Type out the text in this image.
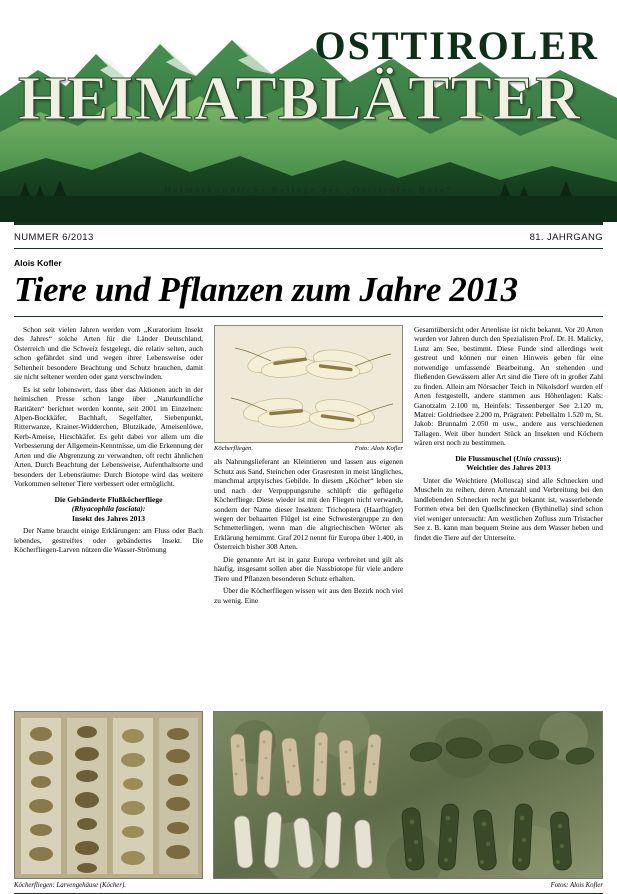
OSTTIROLER
HEIMATBLÄTTER
Heimatkundliche Beilage des „Osttiroler Bote“
NUMMER 6/2013	81. JAHRGANG
Alois Kofler
Tiere und Pflanzen zum Jahre 2013

Schon seit vielen Jahren werden vom „Kuratorium Insekt des Jahres“ solche Arten für die Länder Deutschland, Österreich und die Schweiz festgelegt, die relativ selten, auch schon gefährdet sind und wegen ihrer Lebensweise oder Seltenheit besondere Beachtung und Schutz brauchen, damit sie nicht seltener werden oder ganz verschwinden.

Es ist sehr lohenswert, dass über das Aktionen auch in der heimischen Presse schon lange über „Naturkundliche Raritäten“ berichtet werden konnte, seit 2001 im Einzelnen: Alpen-Bockkäfer, Bachhaft, Segelfalter, Siebenpunkt, Ritterwanze, Krainer-Widderchen, Blutzikade, Ameisenlöwe, Kerb-Ameise, Hirschkäfer. Es geht dabei vor allem um die Verbesserung der Allgemein-Kenntnisse, um die Erkennung der Arten und die Abgrenzung zu verwandten, oft recht ähnlichen Arten. Durch Beachtung der Lebensweise, Aufenthaltsorte und besonders der Lebensräume: Durch Biotope wird das weitere Vorkommen seltener Tiere verbessert oder ermöglicht.

Die Gebänderte Flußköcherfliege
(Rhyacophila fasciata):
Insekt des Jahres 2013

Der Name braucht einige Erklärungen: am Fluss oder Bach lebendes, gestreiftes oder gebändertes Insekt. Die Köcherfliegen-Larven nützen die Wasser-Strömung

Köcherfliegen.	Foto: Alois Kofler

als Nahrungslieferant an Kleintieren und lassen aus eigenen Schutz aus Sand, Steinchen oder Grasresten in meist längliches, manchmal artptyisches Gebilde. In diesem „Köcher“ leben sie und nach der Verpuppungsruhe schlüpft die geflügelte Köcherfliege. Diese wieder ist mit den Fliegen nicht verwandt, sondern der Name dieser Insekten: Trichoptera (Haarflügler) wegen der behaarten Flügel ist eine Schwestergruppe zu den Schmetterlingen, wenn man die altgriechischen Wörter als Erklärung hernimmt. Graf 2012 nennt für Europa über 1.400, in Österreich bisher 308 Arten.

Die genannte Art ist in ganz Europa verbreitet und gilt als häufig, insgesamt sollen aber die Nassbiotope für viele andere Tiere und Pflanzen besonderen Schutz erhalten.

Über die Köcherfliegen wissen wir aus den Bezirk noch viel zu wenig. Eine

Gesamtübersicht oder Artenliste ist nicht bekannt. Vor 20 Arten wurden vor Jahren durch den Spezialisten Prof. Dr. H. Malicky, Lunz am See, bestimmt. Diese Funde sind allerdings weit gestreut und können nur einen Hinweis geben für eine notwendige umfassende Bearbeitung. An stehenden und fließenden Gewässern aller Art sind die Tiere oft in großer Zahl zu finden. Allein am Nörsacher Teich in Nikolsdorf wurden elf Arten festgestellt, andere stammen aus Höhenlagen: Kals: Ganotzalm 2.100 m, Heinfels: Tessenberger See 2.120 m, Matrei: Goldriedsee 2.200 m, Prägraten: Pebellalm 1.520 m, St. Jakob: Brunnalm 2.050 m usw., andere aus verschiedenen Tallagen. Weit über hundert Stück an Insekten und Köchern wären erst noch zu bestimmen.

Die Flussmuschel (Unio crassus):
Weichtier des Jahres 2013

Unter die Weichtiere (Mollusca) sind alle Schnecken und Muscheln zu reihen, deren Artenzahl und Verbreitung bei den landlebenden Schnecken recht gut bekannt ist, wasserlebende Formen etwa bei den Quellschnecken (Bythinella) sind schon viel weniger untersucht: Am westlichen Zufluss zum Tristacher See z. B. kann man bequem Steine aus dem Wasser heben und findet die Tiere auf der Unterseite.

Köcherfliegen: Larvengehäuse (Köcher).	Fotos: Alois Kofler
